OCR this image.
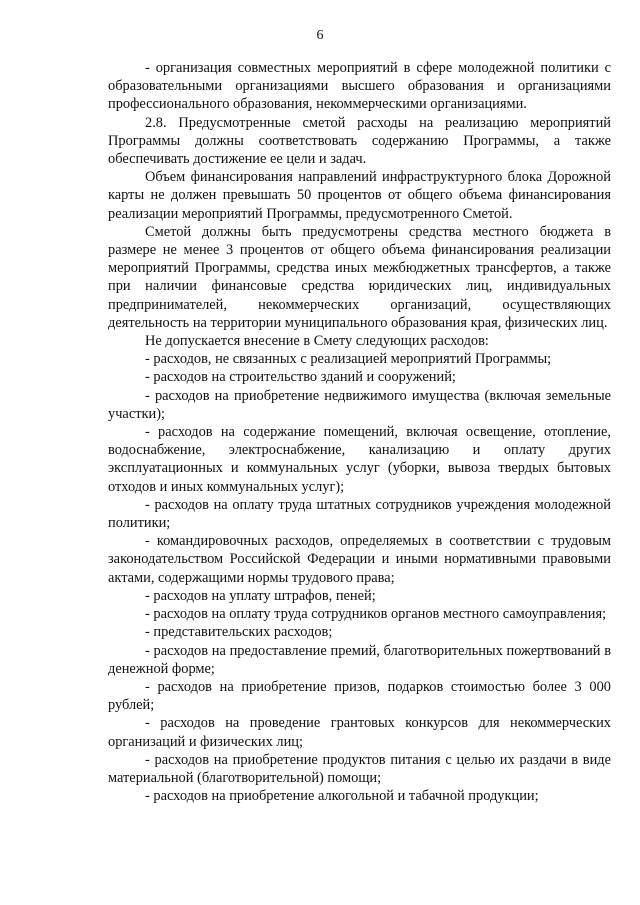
6

- организация совместных мероприятий в сфере молодежной политики с образовательными организациями высшего образования и организациями профессионального образования, некоммерческими организациями.

2.8. Предусмотренные сметой расходы на реализацию мероприятий Программы должны соответствовать содержанию Программы, а также обеспечивать достижение ее цели и задач.

Объем финансирования направлений инфраструктурного блока Дорожной карты не должен превышать 50 процентов от общего объема финансирования реализации мероприятий Программы, предусмотренного Сметой.

Сметой должны быть предусмотрены средства местного бюджета в размере не менее 3 процентов от общего объема финансирования реализации мероприятий Программы, средства иных межбюджетных трансфертов, а также при наличии финансовые средства юридических лиц, индивидуальных предпринимателей, некоммерческих организаций, осуществляющих деятельность на территории муниципального образования края, физических лиц.

Не допускается внесение в Смету следующих расходов:

- расходов, не связанных с реализацией мероприятий Программы;

- расходов на строительство зданий и сооружений;

- расходов на приобретение недвижимого имущества (включая земельные участки);

- расходов на содержание помещений, включая освещение, отопление, водоснабжение, электроснабжение, канализацию и оплату других эксплуатационных и коммунальных услуг (уборки, вывоза твердых бытовых отходов и иных коммунальных услуг);

- расходов на оплату труда штатных сотрудников учреждения молодежной политики;

- командировочных расходов, определяемых в соответствии с трудовым законодательством Российской Федерации и иными нормативными правовыми актами, содержащими нормы трудового права;

- расходов на уплату штрафов, пеней;

- расходов на оплату труда сотрудников органов местного самоуправления;

- представительских расходов;

- расходов на предоставление премий, благотворительных пожертвований в денежной форме;

- расходов на приобретение призов, подарков стоимостью более 3 000 рублей;

- расходов на проведение грантовых конкурсов для некоммерческих организаций и физических лиц;

- расходов на приобретение продуктов питания с целью их раздачи в виде материальной (благотворительной) помощи;

- расходов на приобретение алкогольной и табачной продукции;
